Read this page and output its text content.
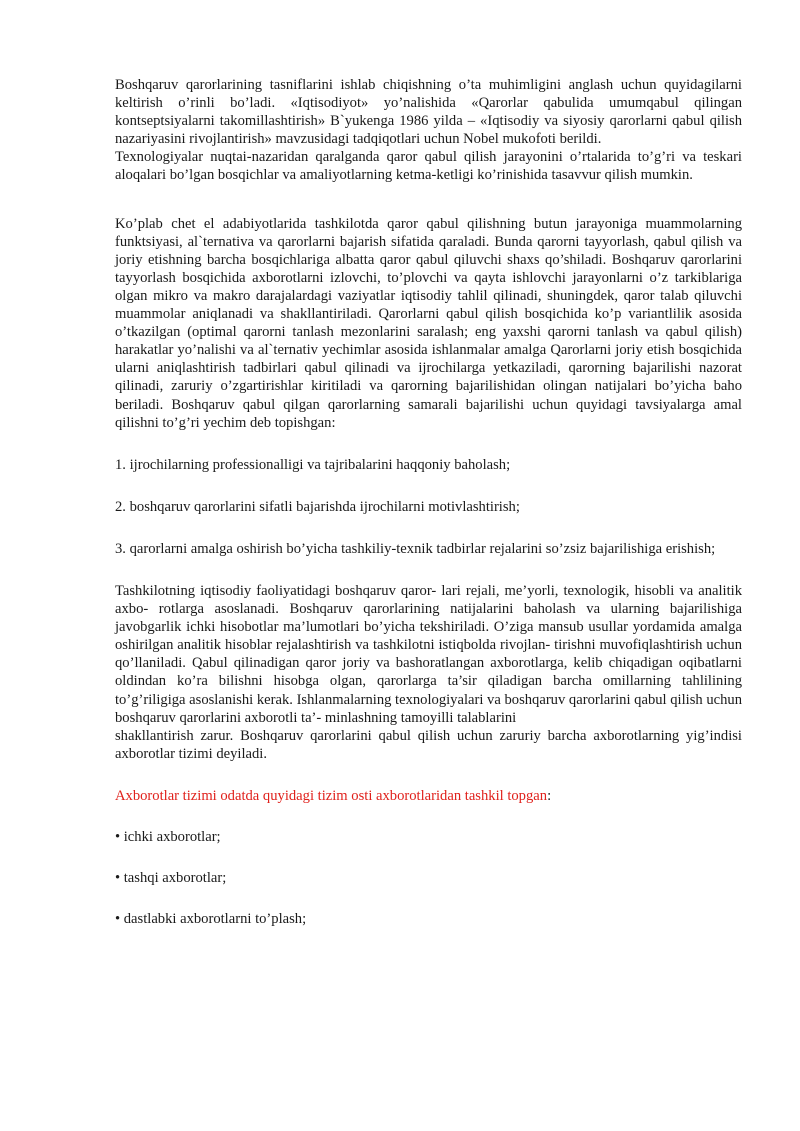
Boshqaruv qarorlarining tasniflarini ishlab chiqishning o’ta muhimligini anglash uchun quyidagilarni keltirish o’rinli bo’ladi. «Iqtisodiyot» yo’nalishida «Qarorlar qabulida umumqabul qilingan kontseptsiyalarni takomillashtirish» B`yukenga 1986 yilda – «Iqtisodiy va siyosiy qarorlarni qabul qilish nazariyasini rivojlantirish» mavzusidagi tadqiqotlari uchun Nobel mukofoti berildi.

Texnologiyalar nuqtai-nazaridan qaralganda qaror qabul qilish jarayonini o’rtalarida to’g’ri va teskari aloqalari bo’lgan bosqichlar va amaliyotlarning ketma-ketligi ko’rinishida tasavvur qilish mumkin.

Ko’plab chet el adabiyotlarida tashkilotda qaror qabul qilishning butun jarayoniga muammolarning funktsiyasi, al`ternativa va qarorlarni bajarish sifatida qaraladi. Bunda qarorni tayyorlash, qabul qilish va joriy etishning barcha bosqichlariga albatta qaror qabul qiluvchi shaxs qo’shiladi. Boshqaruv qarorlarini tayyorlash bosqichida axborotlarni izlovchi, to’plovchi va qayta ishlovchi jarayonlarni o’z tarkiblariga olgan mikro va makro darajalardagi vaziyatlar iqtisodiy tahlil qilinadi, shuningdek, qaror talab qiluvchi muammolar aniqlanadi va shakllantiriladi. Qarorlarni qabul qilish bosqichida ko’p variantlilik asosida o’tkazilgan (optimal qarorni tanlash mezonlarini saralash; eng yaxshi qarorni tanlash va qabul qilish) harakatlar yo’nalishi va al`ternativ yechimlar asosida ishlanmalar amalga Qarorlarni joriy etish bosqichida ularni aniqlashtirish tadbirlari qabul qilinadi va ijrochilarga yetkaziladi, qarorning bajarilishi nazorat qilinadi, zaruriy o’zgartirishlar kiritiladi va qarorning bajarilishidan olingan natijalari bo’yicha baho beriladi. Boshqaruv qabul qilgan qarorlarning samarali bajarilishi uchun quyidagi tavsiyalarga amal qilishni to’g’ri yechim deb topishgan:

1. ijrochilarning professionalligi va tajribalarini haqqoniy baholash;

2. boshqaruv qarorlarini sifatli bajarishda ijrochilarni motivlashtirish;

3. qarorlarni amalga oshirish bo’yicha tashkiliy-texnik tadbirlar rejalarini so’zsiz bajarilishiga erishish;

Tashkilotning iqtisodiy faoliyatidagi boshqaruv qaror- lari rejali, me’yorli, texnologik, hisobli va analitik axbo- rotlarga asoslanadi. Boshqaruv qarorlarining natijalarini baholash va ularning bajarilishiga javobgarlik ichki hisobotlar ma’lumotlari bo’yicha tekshiriladi. O’ziga mansub usullar yordamida amalga oshirilgan analitik hisoblar rejalashtirish va tashkilotni istiqbolda rivojlan- tirishni muvofiqlashtirish uchun qo’llaniladi. Qabul qilinadigan qaror joriy va bashoratlangan axborotlarga, kelib chiqadigan oqibatlarni oldindan ko’ra bilishni hisobga olgan, qarorlarga ta’sir qiladigan barcha omillarning tahlilining to’g’riligiga asoslanishi kerak. Ishlanmalarning texnologiyalari va boshqaruv qarorlarini qabul qilish uchun boshqaruv qarorlarini axborotli ta’- minlashning tamoyilli talablarini

shakllantirish zarur. Boshqaruv qarorlarini qabul qilish uchun zaruriy barcha axborotlarning yig’indisi axborotlar tizimi deyiladi.

Axborotlar tizimi odatda quyidagi tizim osti axborotlaridan tashkil topgan:

• ichki axborotlar;

• tashqi axborotlar;

• dastlabki axborotlarni to’plash;
